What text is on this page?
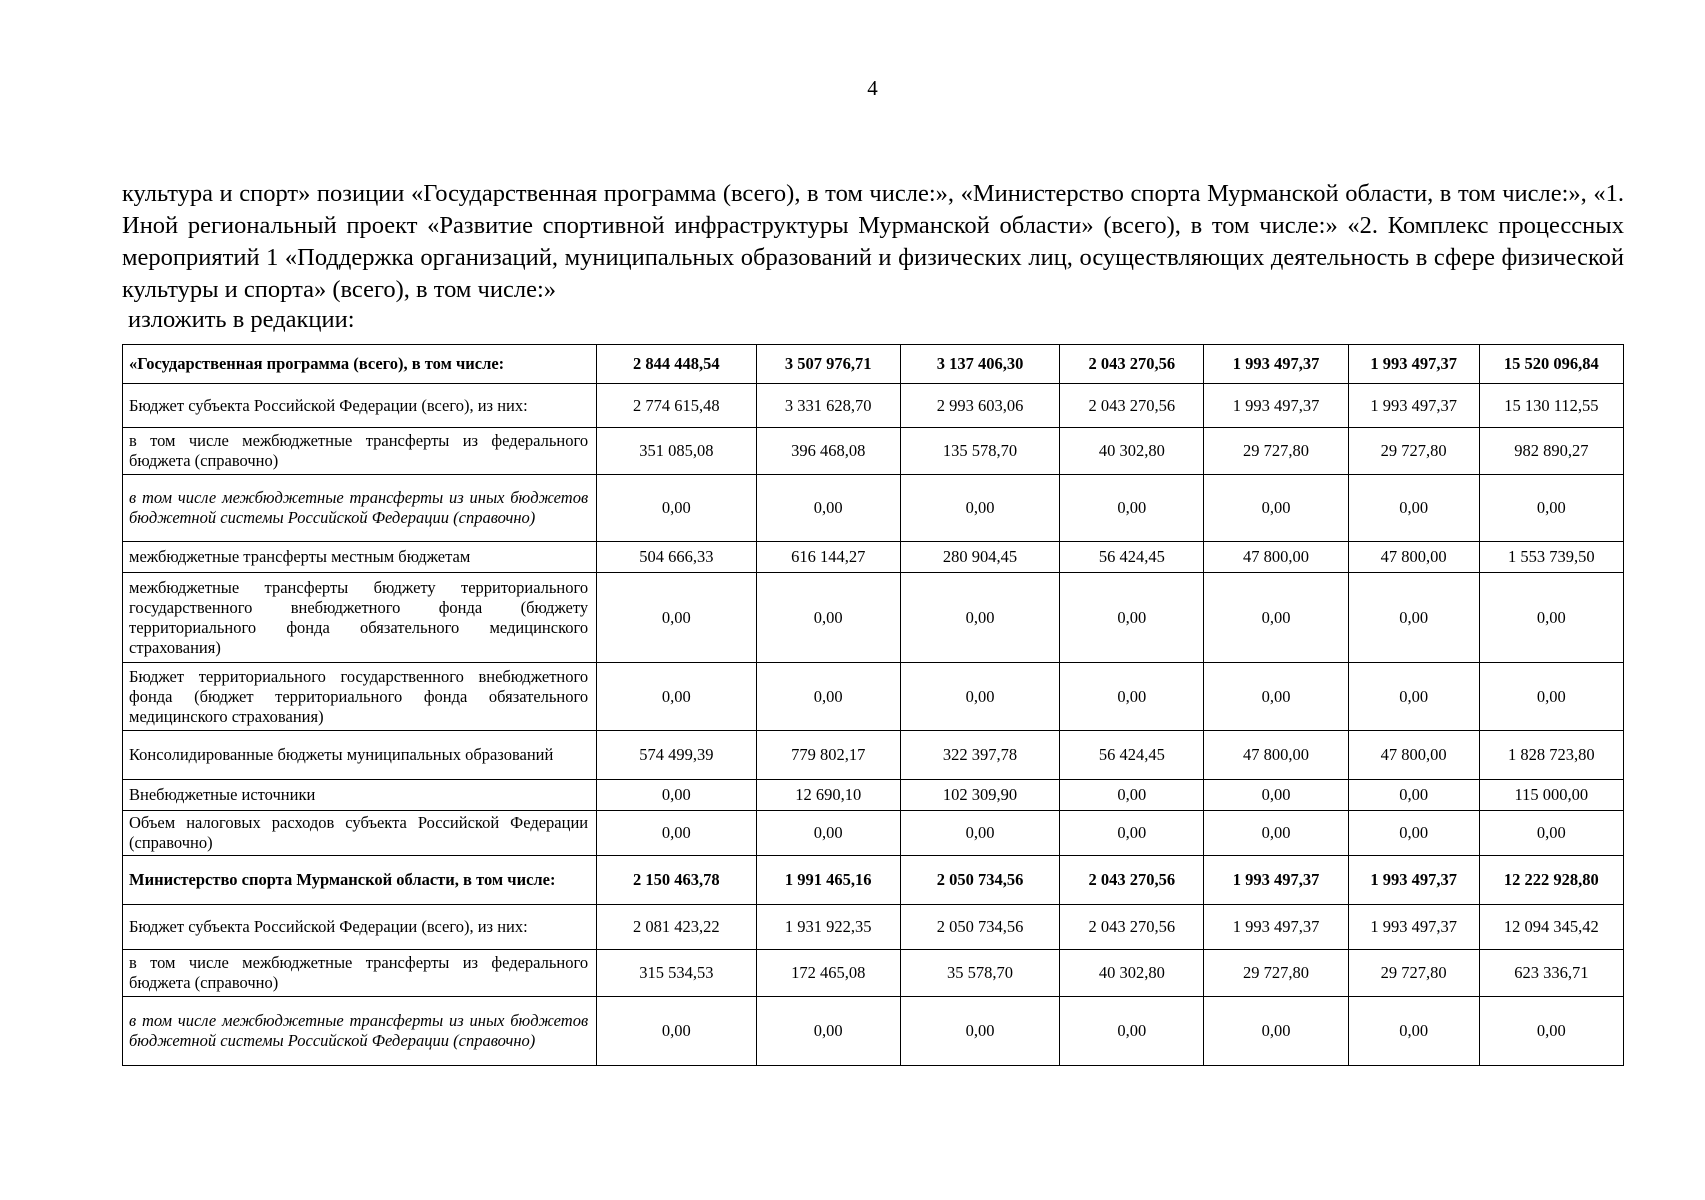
4
культура и спорт» позиции «Государственная программа (всего), в том числе:», «Министерство спорта Мурманской области, в том числе:», «1. Иной региональный проект «Развитие спортивной инфраструктуры Мурманской области» (всего), в том числе:» «2. Комплекс процессных мероприятий 1 «Поддержка организаций, муниципальных образований и физических лиц, осуществляющих деятельность в сфере физической культуры и спорта» (всего), в том числе:»
изложить в редакции:
«Государственная программа (всего), в том числе:	2 844 448,54	3 507 976,71	3 137 406,30	2 043 270,56	1 993 497,37	1 993 497,37	15 520 096,84
Бюджет субъекта Российской Федерации (всего), из них:	2 774 615,48	3 331 628,70	2 993 603,06	2 043 270,56	1 993 497,37	1 993 497,37	15 130 112,55
в том числе межбюджетные трансферты из федерального бюджета (справочно)	351 085,08	396 468,08	135 578,70	40 302,80	29 727,80	29 727,80	982 890,27
в том числе межбюджетные трансферты из иных бюджетов бюджетной системы Российской Федерации (справочно)	0,00	0,00	0,00	0,00	0,00	0,00	0,00
межбюджетные трансферты местным бюджетам	504 666,33	616 144,27	280 904,45	56 424,45	47 800,00	47 800,00	1 553 739,50
межбюджетные трансферты бюджету территориального государственного внебюджетного фонда (бюджету территориального фонда обязательного медицинского страхования)	0,00	0,00	0,00	0,00	0,00	0,00	0,00
Бюджет территориального государственного внебюджетного фонда (бюджет территориального фонда обязательного медицинского страхования)	0,00	0,00	0,00	0,00	0,00	0,00	0,00
Консолидированные бюджеты муниципальных образований	574 499,39	779 802,17	322 397,78	56 424,45	47 800,00	47 800,00	1 828 723,80
Внебюджетные источники	0,00	12 690,10	102 309,90	0,00	0,00	0,00	115 000,00
Объем налоговых расходов субъекта Российской Федерации (справочно)	0,00	0,00	0,00	0,00	0,00	0,00	0,00
Министерство спорта Мурманской области, в том числе:	2 150 463,78	1 991 465,16	2 050 734,56	2 043 270,56	1 993 497,37	1 993 497,37	12 222 928,80
Бюджет субъекта Российской Федерации (всего), из них:	2 081 423,22	1 931 922,35	2 050 734,56	2 043 270,56	1 993 497,37	1 993 497,37	12 094 345,42
в том числе межбюджетные трансферты из федерального бюджета (справочно)	315 534,53	172 465,08	35 578,70	40 302,80	29 727,80	29 727,80	623 336,71
в том числе межбюджетные трансферты из иных бюджетов бюджетной системы Российской Федерации (справочно)	0,00	0,00	0,00	0,00	0,00	0,00	0,00
